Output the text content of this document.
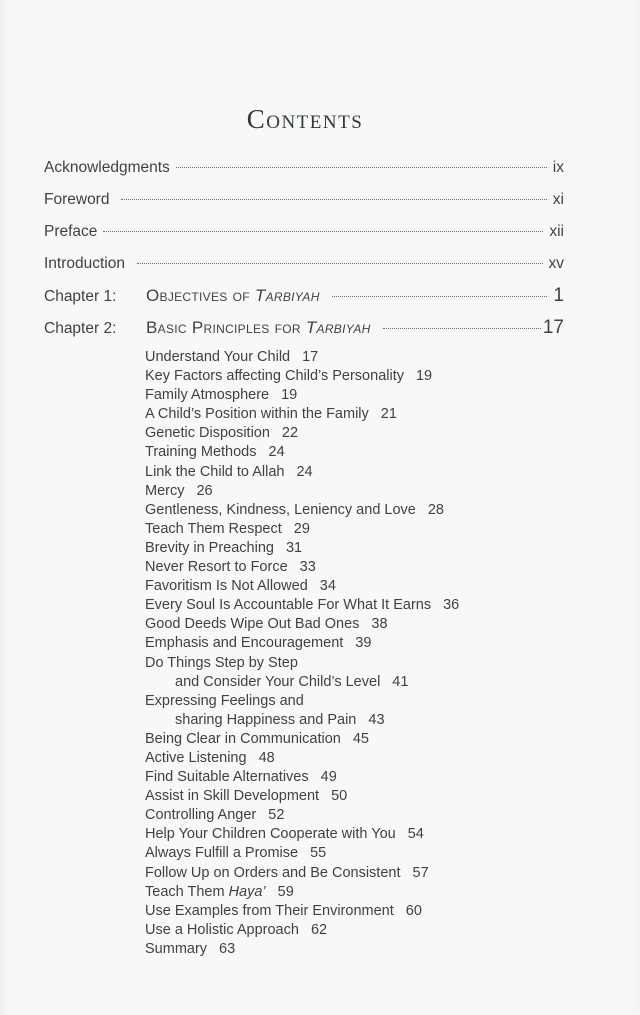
Contents
Acknowledgments	ix
Foreword	xi
Preface	xii
Introduction	xv
Chapter 1:	Objectives of Tarbiyah	1
Chapter 2:	Basic Principles for Tarbiyah	17
Understand Your Child 17
Key Factors affecting Child’s Personality 19
Family Atmosphere 19
A Child’s Position within the Family 21
Genetic Disposition 22
Training Methods 24
Link the Child to Allah 24
Mercy 26
Gentleness, Kindness, Leniency and Love 28
Teach Them Respect 29
Brevity in Preaching 31
Never Resort to Force 33
Favoritism Is Not Allowed 34
Every Soul Is Accountable For What It Earns 36
Good Deeds Wipe Out Bad Ones 38
Emphasis and Encouragement 39
Do Things Step by Step
and Consider Your Child’s Level 41
Expressing Feelings and
sharing Happiness and Pain 43
Being Clear in Communication 45
Active Listening 48
Find Suitable Alternatives 49
Assist in Skill Development 50
Controlling Anger 52
Help Your Children Cooperate with You 54
Always Fulfill a Promise 55
Follow Up on Orders and Be Consistent 57
Teach Them Haya’ 59
Use Examples from Their Environment 60
Use a Holistic Approach 62
Summary 63
